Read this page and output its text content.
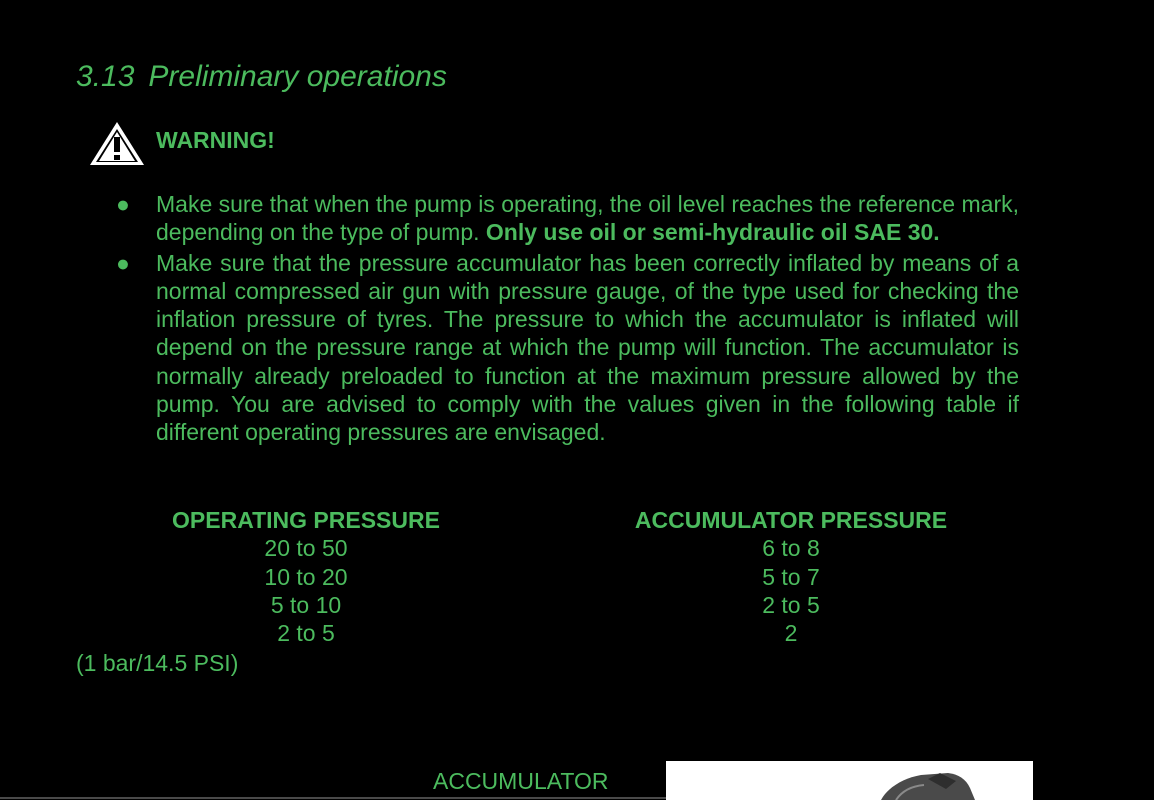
3.13 Preliminary operations
WARNING!
● Make sure that when the pump is operating, the oil level reaches the reference mark, depending on the type of pump. Only use oil or semi-hydraulic oil SAE 30.
● Make sure that the pressure accumulator has been correctly inflated by means of a normal compressed air gun with pressure gauge, of the type used for checking the inflation pressure of tyres. The pressure to which the accumulator is inflated will depend on the pressure range at which the pump will function. The accumulator is normally already preloaded to function at the maximum pressure allowed by the pump. You are advised to comply with the values given in the following table if different operating pressures are envisaged.
OPERATING PRESSURE
20 to 50
10 to 20
5 to 10
2 to 5
ACCUMULATOR PRESSURE
6 to 8
5 to 7
2 to 5
2
(1 bar/14.5 PSI)
ACCUMULATOR
